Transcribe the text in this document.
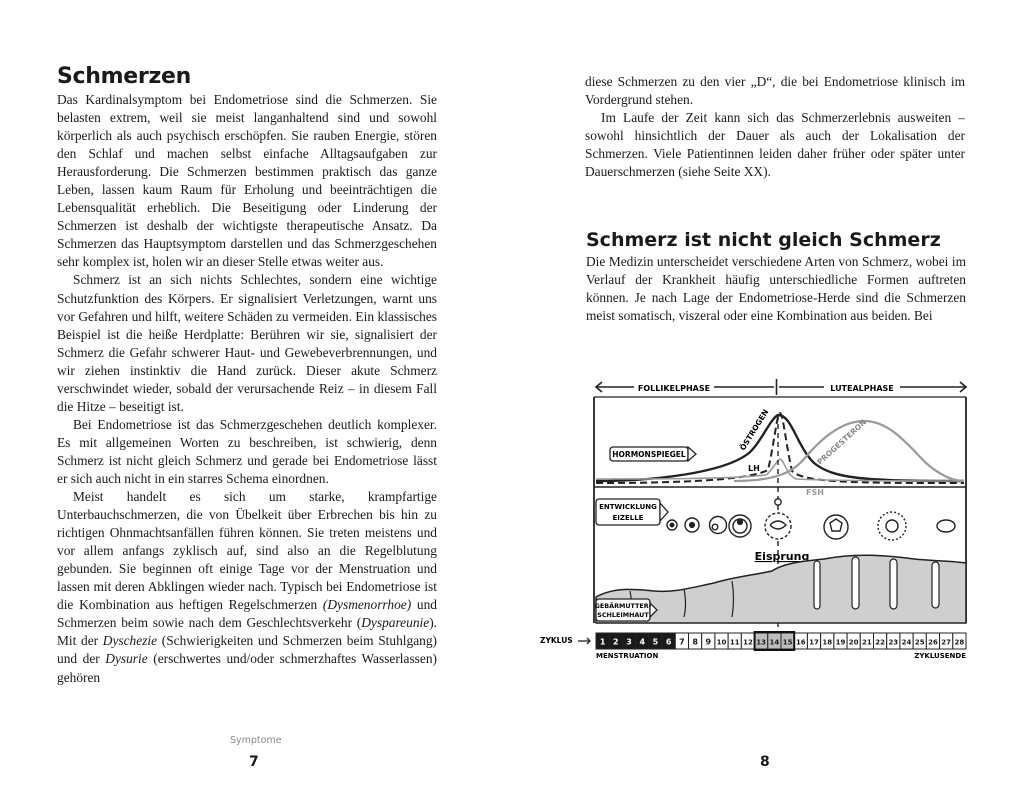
Schmerzen

Das Kardinalsymptom bei Endometriose sind die Schmerzen. Sie belasten extrem, weil sie meist langanhaltend sind und sowohl körperlich als auch psychisch erschöpfen. Sie rauben Energie, stören den Schlaf und machen selbst einfache Alltagsaufgaben zur Herausforderung. Die Schmerzen bestimmen praktisch das ganze Leben, lassen kaum Raum für Erholung und beeinträchtigen die Lebensqualität erheblich. Die Beseitigung oder Linderung der Schmerzen ist deshalb der wichtigste therapeutische Ansatz. Da Schmerzen das Hauptsymptom darstellen und das Schmerzgeschehen sehr komplex ist, holen wir an dieser Stelle etwas weiter aus.

Schmerz ist an sich nichts Schlechtes, sondern eine wichtige Schutzfunktion des Körpers. Er signalisiert Verletzungen, warnt uns vor Gefahren und hilft, weitere Schäden zu vermeiden. Ein klassisches Beispiel ist die heiße Herdplatte: Berühren wir sie, signalisiert der Schmerz die Gefahr schwerer Haut- und Gewebeverbrennungen, und wir ziehen instinktiv die Hand zurück. Dieser akute Schmerz verschwindet wieder, sobald der verursachende Reiz – in diesem Fall die Hitze – beseitigt ist.

Bei Endometriose ist das Schmerzgeschehen deutlich komplexer. Es mit allgemeinen Worten zu beschreiben, ist schwierig, denn Schmerz ist nicht gleich Schmerz und gerade bei Endometriose lässt er sich auch nicht in ein starres Schema einordnen.

Meist handelt es sich um starke, krampfartige Unterbauchschmerzen, die von Übelkeit über Erbrechen bis hin zu richtigen Ohnmachtsanfällen führen können. Sie treten meistens und vor allem anfangs zyklisch auf, sind also an die Regelblutung gebunden. Sie beginnen oft einige Tage vor der Menstruation und lassen mit deren Abklingen wieder nach. Typisch bei Endometriose ist die Kombination aus heftigen Regelschmerzen (Dysmenorrhoe) und Schmerzen beim sowie nach dem Geschlechtsverkehr (Dyspareunie). Mit der Dyschezie (Schwierigkeiten und Schmerzen beim Stuhlgang) und der Dysurie (erschwertes und/oder schmerzhaftes Wasserlassen) gehören

Symptome
7

diese Schmerzen zu den vier „D“, die bei Endometriose klinisch im Vordergrund stehen.

Im Laufe der Zeit kann sich das Schmerzerlebnis ausweiten – sowohl hinsichtlich der Dauer als auch der Lokalisation der Schmerzen. Viele Patientinnen leiden daher früher oder später unter Dauerschmerzen (siehe Seite XX).

Schmerz ist nicht gleich Schmerz

Die Medizin unterscheidet verschiedene Arten von Schmerz, wobei im Verlauf der Krankheit häufig unterschiedliche Formen auftreten können. Je nach Lage der Endometriose-Herde sind die Schmerzen meist somatisch, viszeral oder eine Kombination aus beiden. Bei

FOLLIKELPHASE	LUTEALPHASE
HORMONSPIEGEL
ÖSTROGEN
LH
PROGESTERON
FSH
ENTWICKLUNG
EIZELLE
Eisprung
GEBÄRMUTTER-
SCHLEIMHAUT
ZYKLUS	1 2 3 4 5 6 7 8 9 10 11 12 13 14 15 16 17 18 19 20 21 22 23 24 25 26 27 28
MENSTRUATION	ZYKLUSENDE
8
